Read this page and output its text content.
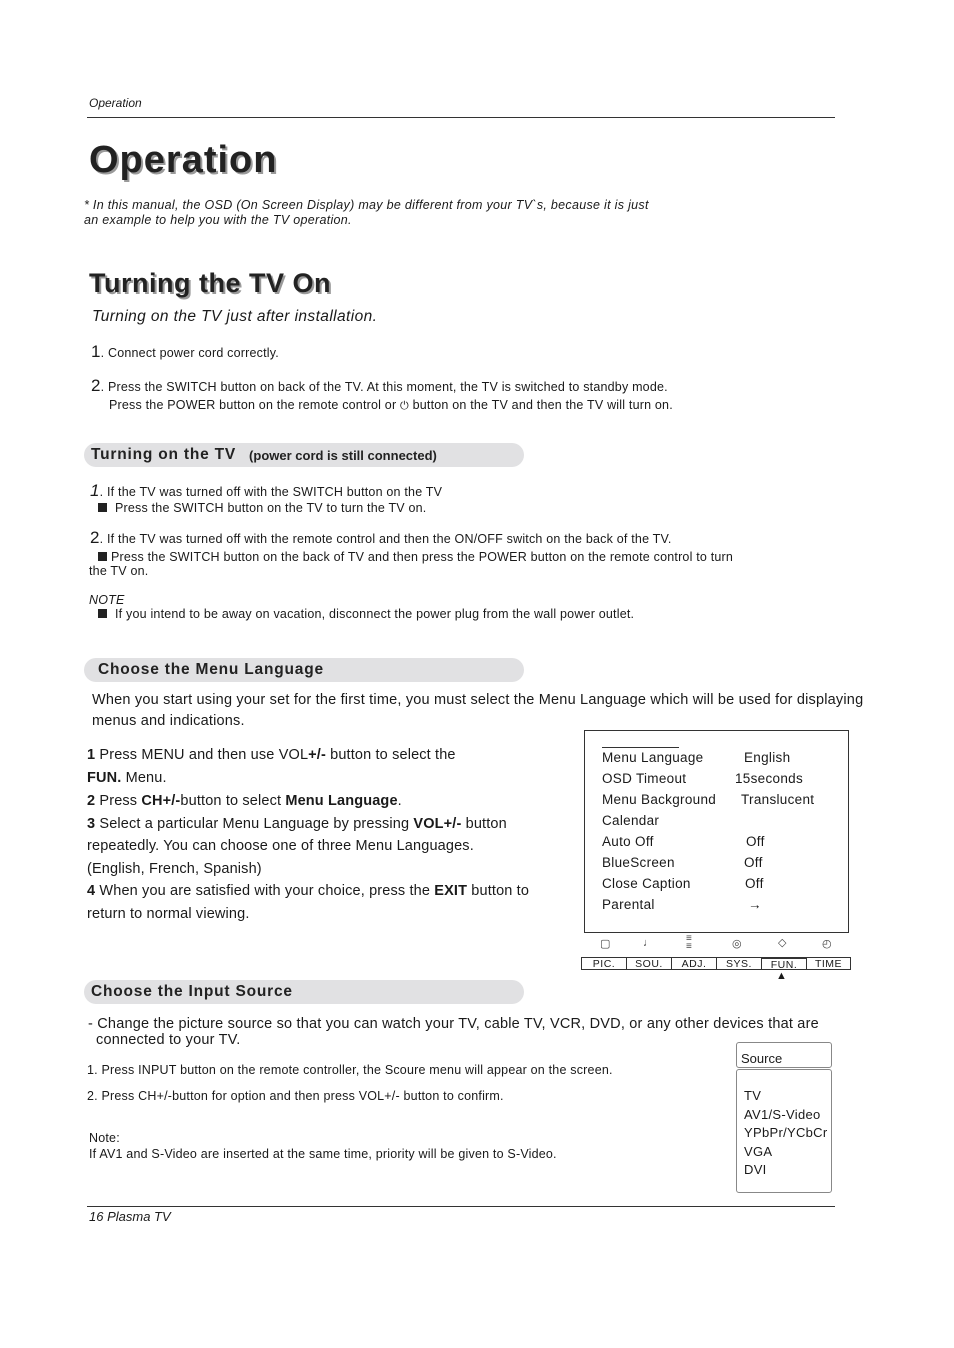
Operation
Operation
* In this manual, the OSD (On Screen Display) may be different from your TV`s, because it is just
an example to help you with the TV operation.
Turning the TV On
Turning on the TV just after installation.
1. Connect power cord correctly.
2. Press the SWITCH button on back of the TV. At this moment, the TV is switched to standby mode.
Press the POWER button on the remote control or ⏻ button on the TV and then the TV will turn on.
Turning on the TV (power cord is still connected)
1. If the TV was turned off with the SWITCH button on the TV
Press the SWITCH button on the TV to turn the TV on.
2. If the TV was turned off with the remote control and then the ON/OFF switch on the back of the TV.
Press the SWITCH button on the back of TV and then press the POWER button on the remote control to turn
the TV on.
NOTE
If you intend to be away on vacation, disconnect the power plug from the wall power outlet.
Choose the Menu Language
When you start using your set for the first time, you must select the Menu Language which will be used for displaying
menus and indications.
1 Press MENU and then use VOL+/- button to select the
FUN. Menu.
2 Press CH+/-button to select Menu Language.
3 Select a particular Menu Language by pressing VOL+/- button
repeatedly. You can choose one of three Menu Languages.
(English, French, Spanish)
4 When you are satisfied with your choice, press the EXIT button to
return to normal viewing.
Menu Language	English
OSD Timeout	15seconds
Menu Background Translucent
Calendar
Auto Off	Off
BlueScreen	Off
Close Caption	Off
Parental	→
▢	♩	≡
≡	◎	◇	◴
PIC.	SOU.	ADJ.	SYS.	FUN.	TIME
▲
Choose the Input Source
- Change the picture source so that you can watch your TV, cable TV, VCR, DVD, or any other devices that are
connected to your TV.
1. Press INPUT button on the remote controller, the Scoure menu will appear on the screen.
2. Press CH+/-button for option and then press VOL+/- button to confirm.
Note:
If AV1 and S-Video are inserted at the same time, priority will be given to S-Video.
Source
TV
AV1/S-Video
YPbPr/YCbCr
VGA
DVI
16 Plasma TV
